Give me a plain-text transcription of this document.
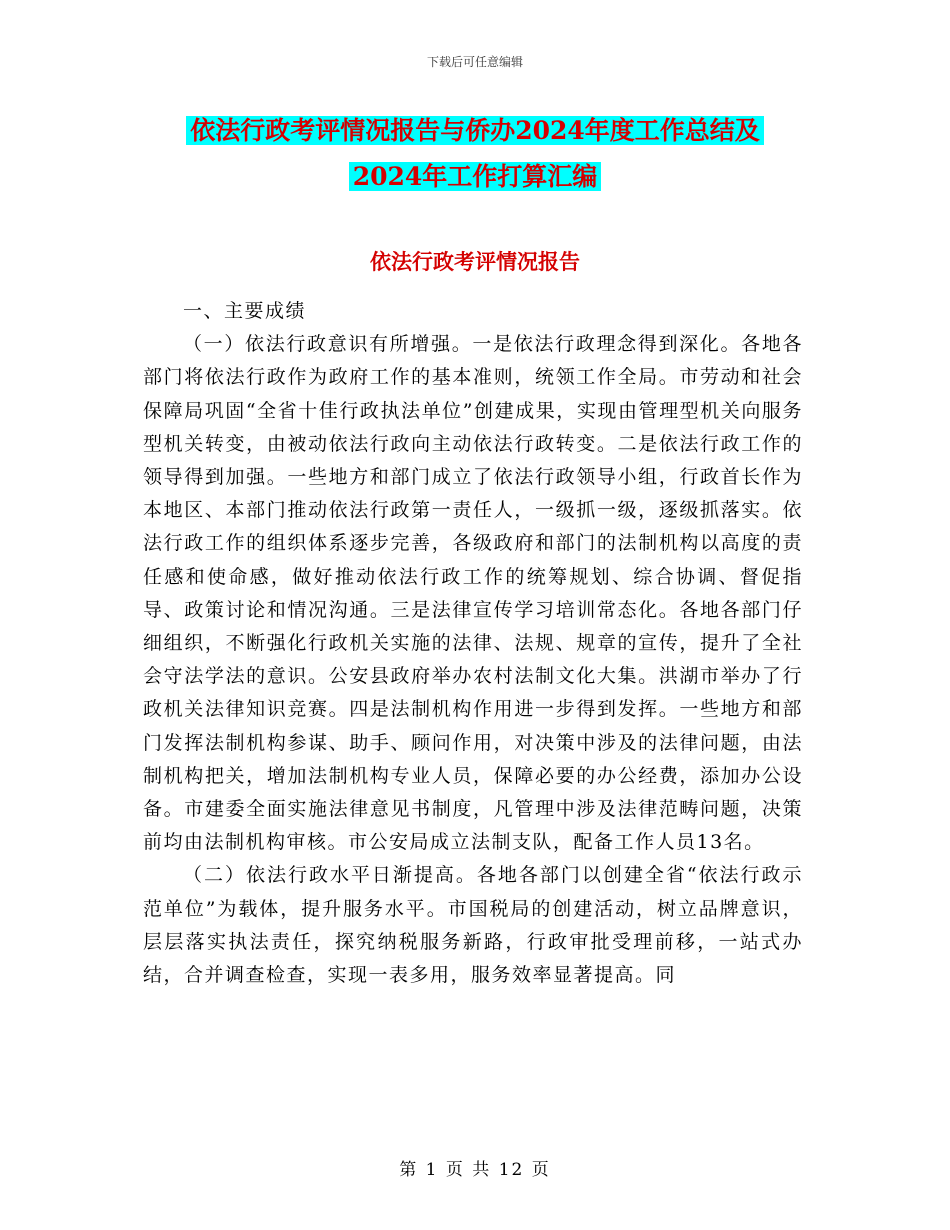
下载后可任意编辑
依法行政考评情况报告与侨办2024年度工作总结及
2024年工作打算汇编
依法行政考评情况报告

一、主要成绩

（一）依法行政意识有所增强。一是依法行政理念得到深化。各地各部门将依法行政作为政府工作的基本准则，统领工作全局。市劳动和社会保障局巩固“全省十佳行政执法单位”创建成果，实现由管理型机关向服务型机关转变，由被动依法行政向主动依法行政转变。二是依法行政工作的领导得到加强。一些地方和部门成立了依法行政领导小组，行政首长作为本地区、本部门推动依法行政第一责任人，一级抓一级，逐级抓落实。依法行政工作的组织体系逐步完善，各级政府和部门的法制机构以高度的责任感和使命感，做好推动依法行政工作的统筹规划、综合协调、督促指导、政策讨论和情况沟通。三是法律宣传学习培训常态化。各地各部门仔细组织，不断强化行政机关实施的法律、法规、规章的宣传，提升了全社会守法学法的意识。公安县政府举办农村法制文化大集。洪湖市举办了行政机关法律知识竞赛。四是法制机构作用进一步得到发挥。一些地方和部门发挥法制机构参谋、助手、顾问作用，对决策中涉及的法律问题，由法制机构把关，增加法制机构专业人员，保障必要的办公经费，添加办公设备。市建委全面实施法律意见书制度，凡管理中涉及法律范畴问题，决策前均由法制机构审核。市公安局成立法制支队，配备工作人员13名。

（二）依法行政水平日渐提高。各地各部门以创建全省“依法行政示范单位”为载体，提升服务水平。市国税局的创建活动，树立品牌意识，层层落实执法责任，探究纳税服务新路，行政审批受理前移，一站式办结，合并调查检查，实现一表多用，服务效率显著提高。同

第 1 页 共 12 页
